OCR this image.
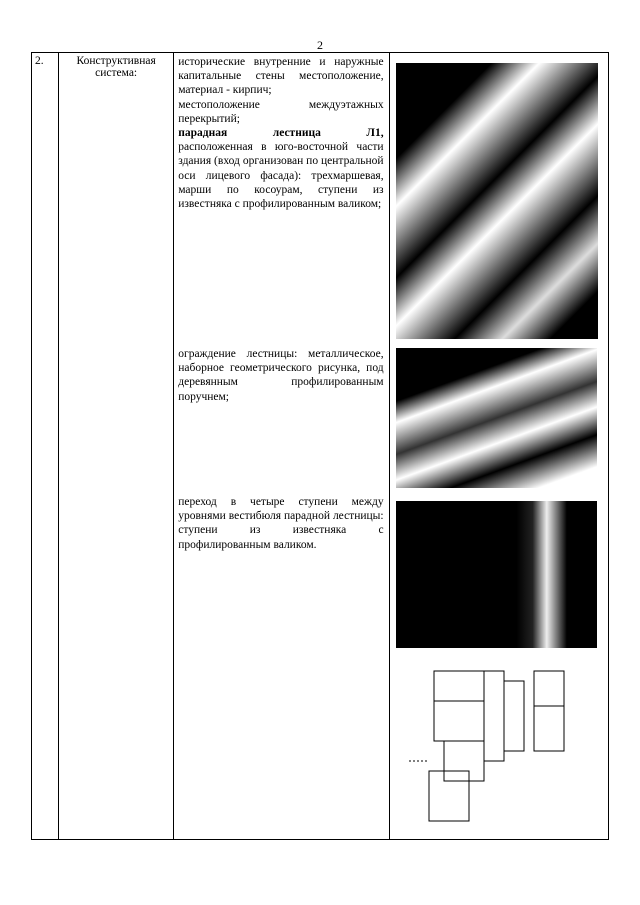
2
2.	Конструктивная система:	
исторические внутренние и наружные капитальные стены местоположение, материал - кирпич;
местоположение междуэтажных перекрытий;
парадная лестница Л1,
расположенная в юго-восточной части здания (вход организован по центральной оси лицевого фасада): трехмаршевая, марши по косоурам, ступени из известняка с профилированным валиком;
ограждение лестницы: металлическое, наборное геометрического рисунка, под деревянным профилированным поручнем;
переход в четыре ступени между уровнями вестибюля парадной лестницы: ступени из известняка с профилированным валиком.
